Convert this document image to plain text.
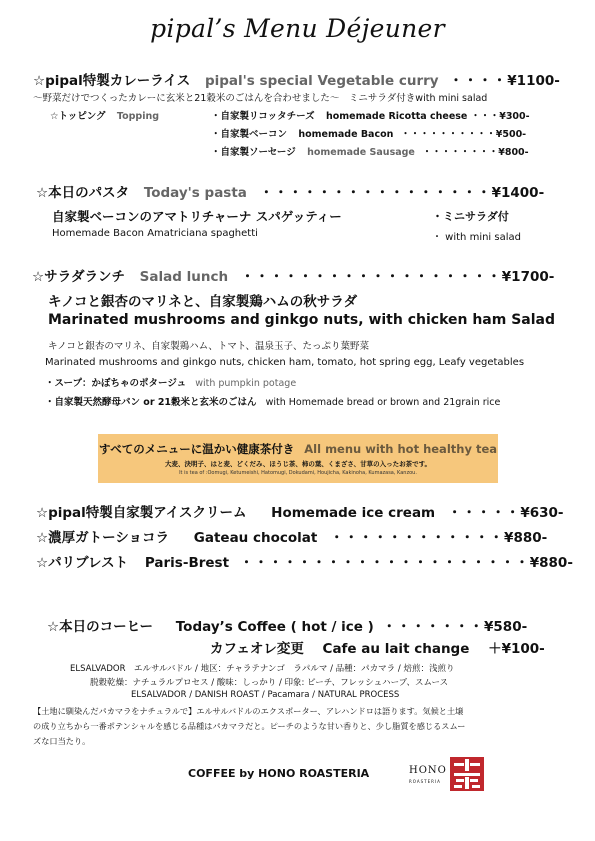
pipal’s Menu Déjeuner
☆pipal特製カレーライス pipal's special Vegetable curry ・・・・¥1100-
〜野菜だけでつくったカレーに玄米と21穀米のごはんを合わせました〜　ミニサラダ付きwith mini salad
☆トッピング Topping	・自家製リコッタチーズ homemade Ricotta cheese ・・・¥300-
・自家製ベーコン homemade Bacon ・・・・・・・・・・¥500-
・自家製ソーセージ homemade Sausage ・・・・・・・・¥800-
☆本日のパスタ Today's pasta ・・・・・・・・・・・・・・・・¥1400-
自家製ベーコンのアマトリチャーナ スパゲッティー	・ミニサラダ付
Homemade Bacon Amatriciana spaghetti	・ with mini salad
☆サラダランチ Salad lunch ・・・・・・・・・・・・・・・・・・¥1700-
キノコと銀杏のマリネと、自家製鶏ハムの秋サラダ
Marinated mushrooms and ginkgo nuts, with chicken ham Salad
キノコと銀杏のマリネ、自家製鶏ハム、トマト、温泉玉子、たっぷり葉野菜
Marinated mushrooms and ginkgo nuts, chicken ham, tomato, hot spring egg, Leafy vegetables
・スープ：かぼちゃのポタージュ with pumpkin potage
・自家製天然酵母パン or 21穀米と玄米のごはん with Homemade bread or brown and 21grain rice
すべてのメニューに温かい健康茶付き All menu with hot healthy tea
大麦、決明子、はと麦、どくだみ、ほうじ茶、柿の葉、くまざさ、甘草の入ったお茶です。
It is tea of :Oomugi, Ketumeishi, Hatomugi, Dokudami, Houjicha, Kakinoha, Kumazasa, Kanzou.
☆pipal特製自家製アイスクリーム Homemade ice cream ・・・・・¥630-
☆濃厚ガトーショコラ Gateau chocolat ・・・・・・・・・・・・¥880-
☆パリブレスト Paris-Brest ・・・・・・・・・・・・・・・・・・・・¥880-
☆本日のコーヒー Today’s Coffee ( hot / ice ) ・・・・・・・¥580-
カフェオレ変更 Cafe au lait change ＋¥100-
ELSALVADOR　エルサルバドル / 地区：チャラテナンゴ　ラパルマ / 品種：パカマラ / 焙煎：浅煎り
脱穀乾燥：ナチュラルプロセス / 酸味：しっかり / 印象: ピーチ、フレッシュハーブ、スムース
ELSALVADOR / DANISH ROAST / Pacamara / NATURAL PROCESS
【土地に馴染んだパカマラをナチュラルで】エルサルバドルのエクスポーター、アレハンドロは語ります。気候と土壌
の成り立ちから一番ポテンシャルを感じる品種はパカマラだと。ピーチのような甘い香りと、少し脂質を感じるスムー
ズな口当たり。
COFFEE by HONO ROASTERIA	HONO
ROASTERIA
